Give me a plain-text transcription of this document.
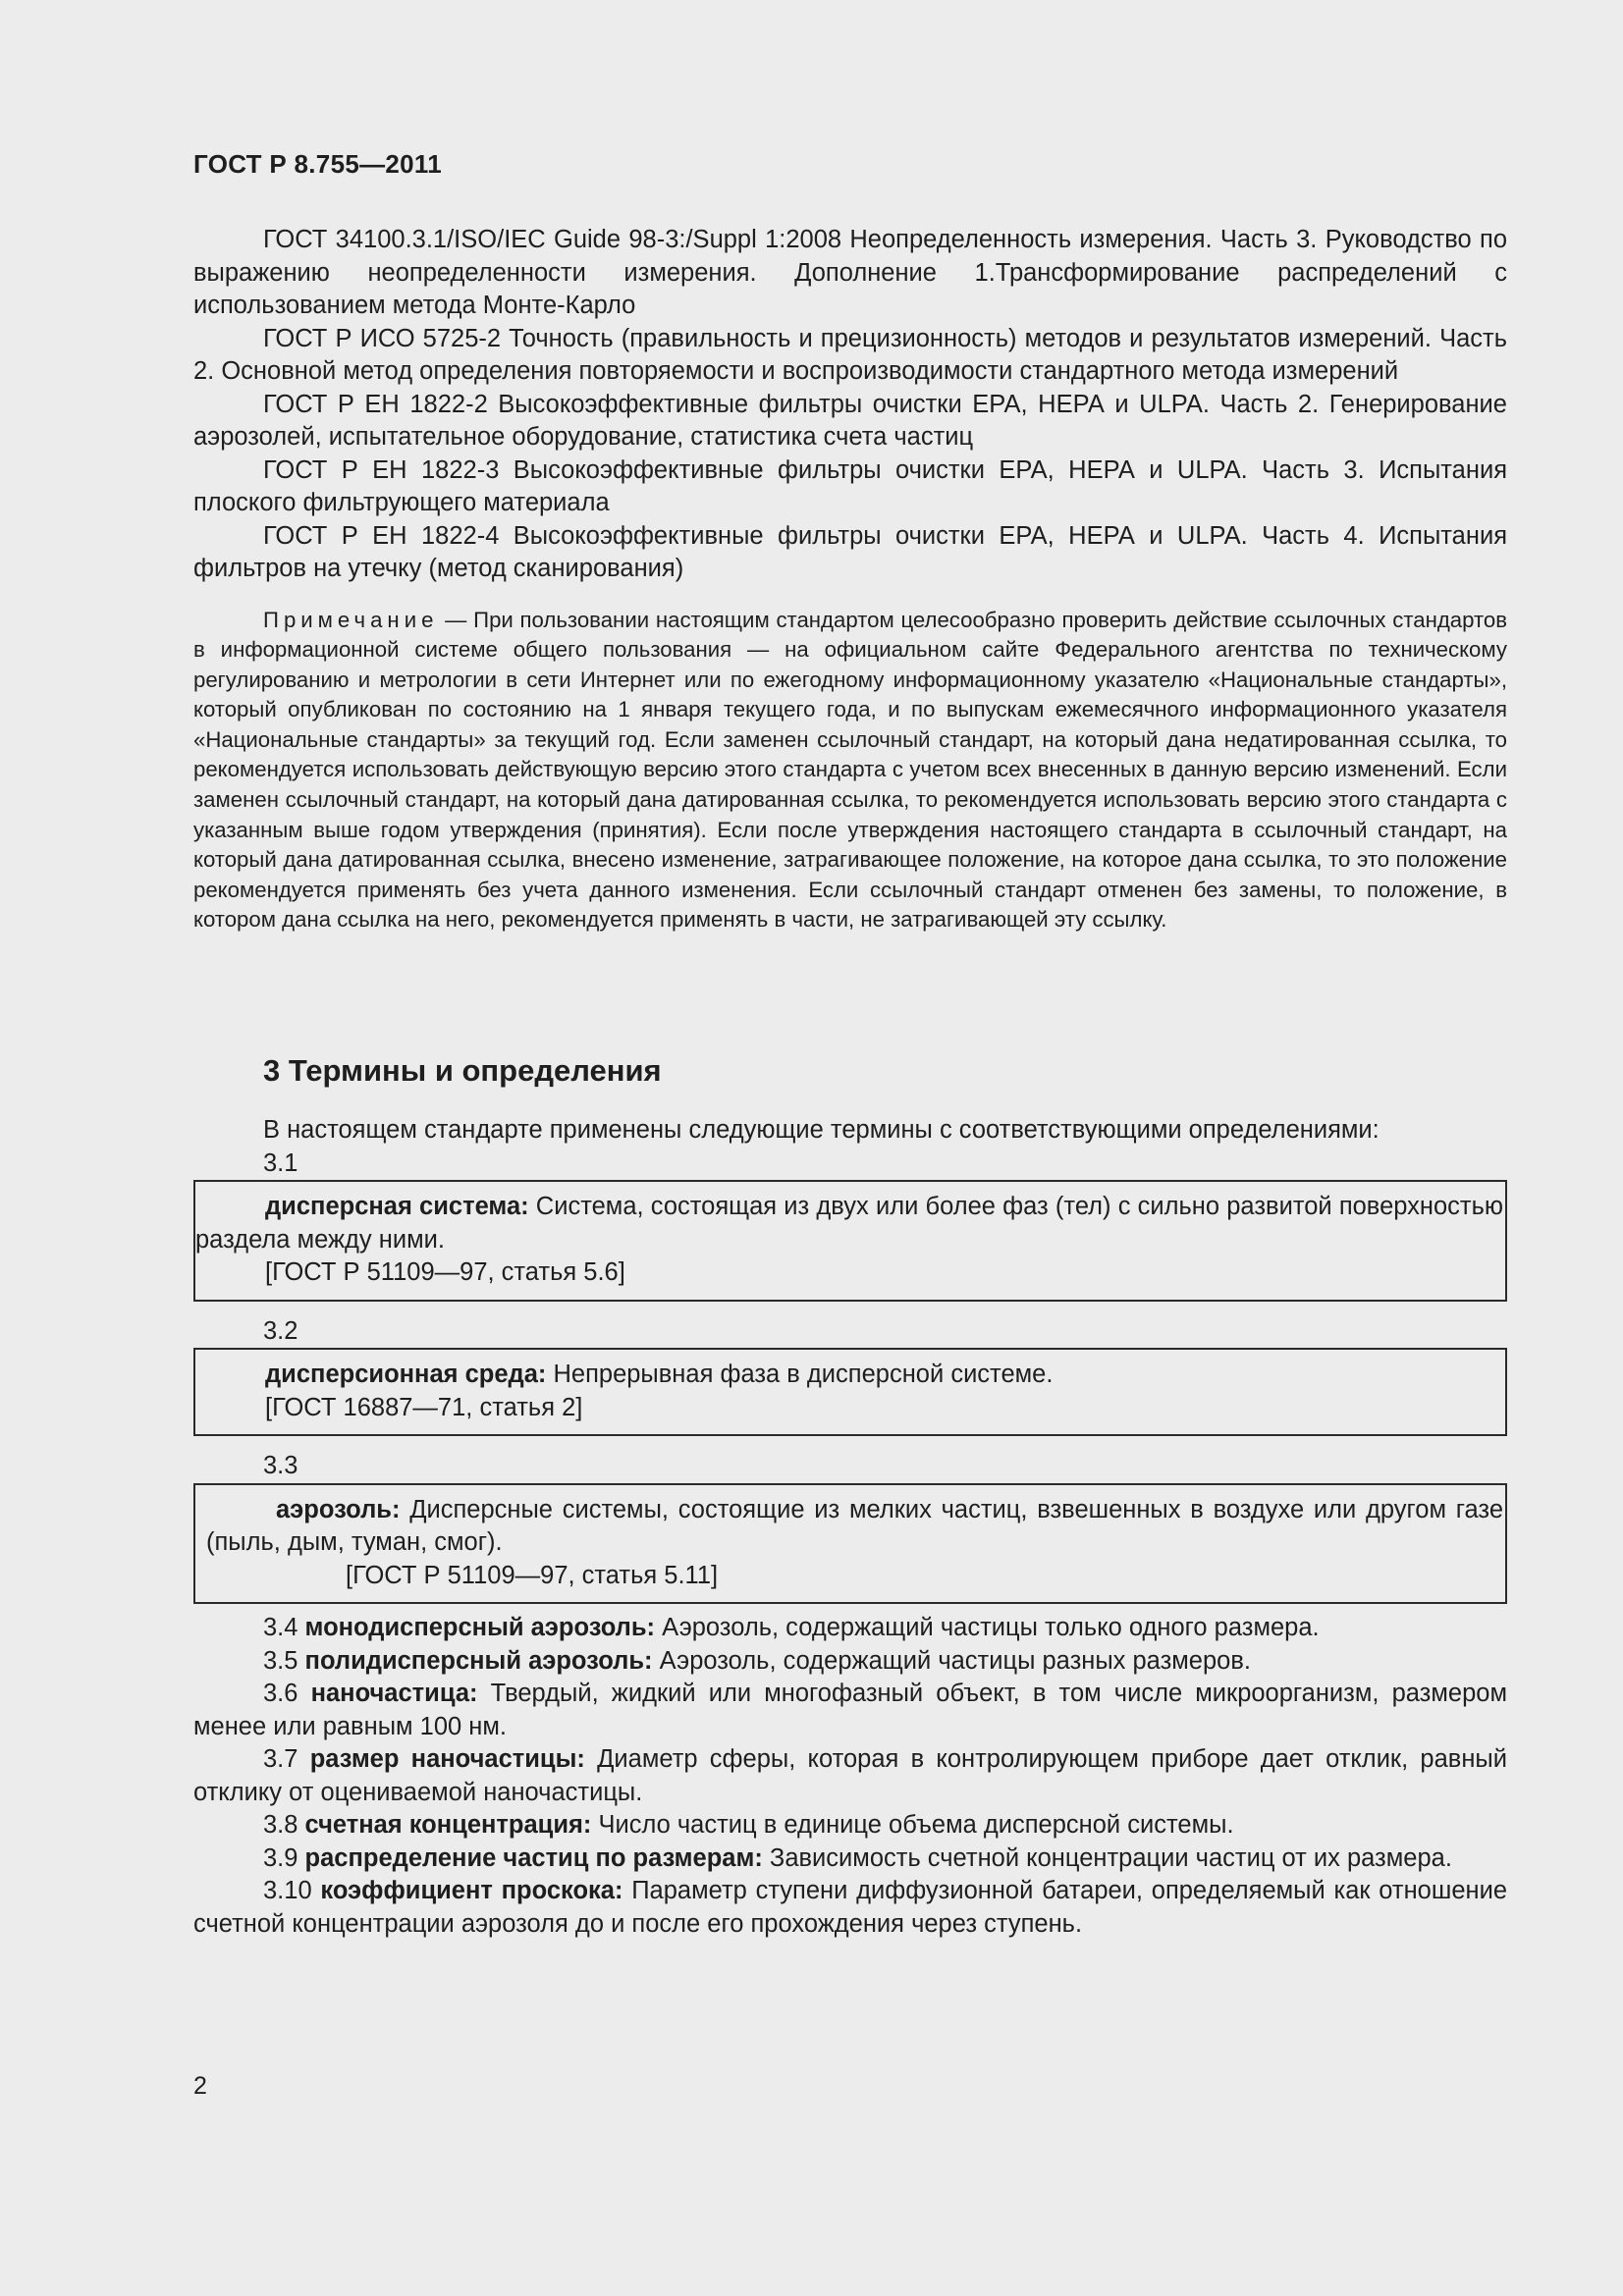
ГОСТ Р 8.755—2011

ГОСТ 34100.3.1/ISO/IEC Guide 98-3:/Suppl 1:2008 Неопределенность измерения. Часть 3. Руководство по выражению неопределенности измерения. Дополнение 1.Трансформирование распределений с использованием метода Монте-Карло

ГОСТ Р ИСО 5725-2 Точность (правильность и прецизионность) методов и результатов измерений. Часть 2. Основной метод определения повторяемости и воспроизводимости стандартного метода измерений

ГОСТ Р ЕН 1822-2 Высокоэффективные фильтры очистки ЕРА, НЕРА и ULPA. Часть 2. Генерирование аэрозолей, испытательное оборудование, статистика счета частиц

ГОСТ Р ЕН 1822-3 Высокоэффективные фильтры очистки ЕРА, НЕРА и ULPA. Часть 3. Испытания плоского фильтрующего материала

ГОСТ Р ЕН 1822-4 Высокоэффективные фильтры очистки ЕРА, НЕРА и ULPA. Часть 4. Испытания фильтров на утечку (метод сканирования)

Примечание — При пользовании настоящим стандартом целесообразно проверить действие ссылочных стандартов в информационной системе общего пользования — на официальном сайте Федерального агентства по техническому регулированию и метрологии в сети Интернет или по ежегодному информационному указателю «Национальные стандарты», который опубликован по состоянию на 1 января текущего года, и по выпускам ежемесячного информационного указателя «Национальные стандарты» за текущий год. Если заменен ссылочный стандарт, на который дана недатированная ссылка, то рекомендуется использовать действующую версию этого стандарта с учетом всех внесенных в данную версию изменений. Если заменен ссылочный стандарт, на который дана датированная ссылка, то рекомендуется использовать версию этого стандарта с указанным выше годом утверждения (принятия). Если после утверждения настоящего стандарта в ссылочный стандарт, на который дана датированная ссылка, внесено изменение, затрагивающее положение, на которое дана ссылка, то это положение рекомендуется применять без учета данного изменения. Если ссылочный стандарт отменен без замены, то положение, в котором дана ссылка на него, рекомендуется применять в части, не затрагивающей эту ссылку.

3 Термины и определения

В настоящем стандарте применены следующие термины с соответствующими определениями:

3.1

дисперсная система: Система, состоящая из двух или более фаз (тел) с сильно развитой поверхностью раздела между ними.

[ГОСТ Р 51109—97, статья 5.6]

3.2

дисперсионная среда: Непрерывная фаза в дисперсной системе.

[ГОСТ 16887—71, статья 2]

3.3

аэрозоль: Дисперсные системы, состоящие из мелких частиц, взвешенных в воздухе или другом газе (пыль, дым, туман, смог).

[ГОСТ Р 51109—97, статья 5.11]

3.4 монодисперсный аэрозоль: Аэрозоль, содержащий частицы только одного размера.

3.5 полидисперсный аэрозоль: Аэрозоль, содержащий частицы разных размеров.

3.6 наночастица: Твердый, жидкий или многофазный объект, в том числе микроорганизм, размером менее или равным 100 нм.

3.7 размер наночастицы: Диаметр сферы, которая в контролирующем приборе дает отклик, равный отклику от оцениваемой наночастицы.

3.8 счетная концентрация: Число частиц в единице объема дисперсной системы.

3.9 распределение частиц по размерам: Зависимость счетной концентрации частиц от их размера.

3.10 коэффициент проскока: Параметр ступени диффузионной батареи, определяемый как отношение счетной концентрации аэрозоля до и после его прохождения через ступень.

2
